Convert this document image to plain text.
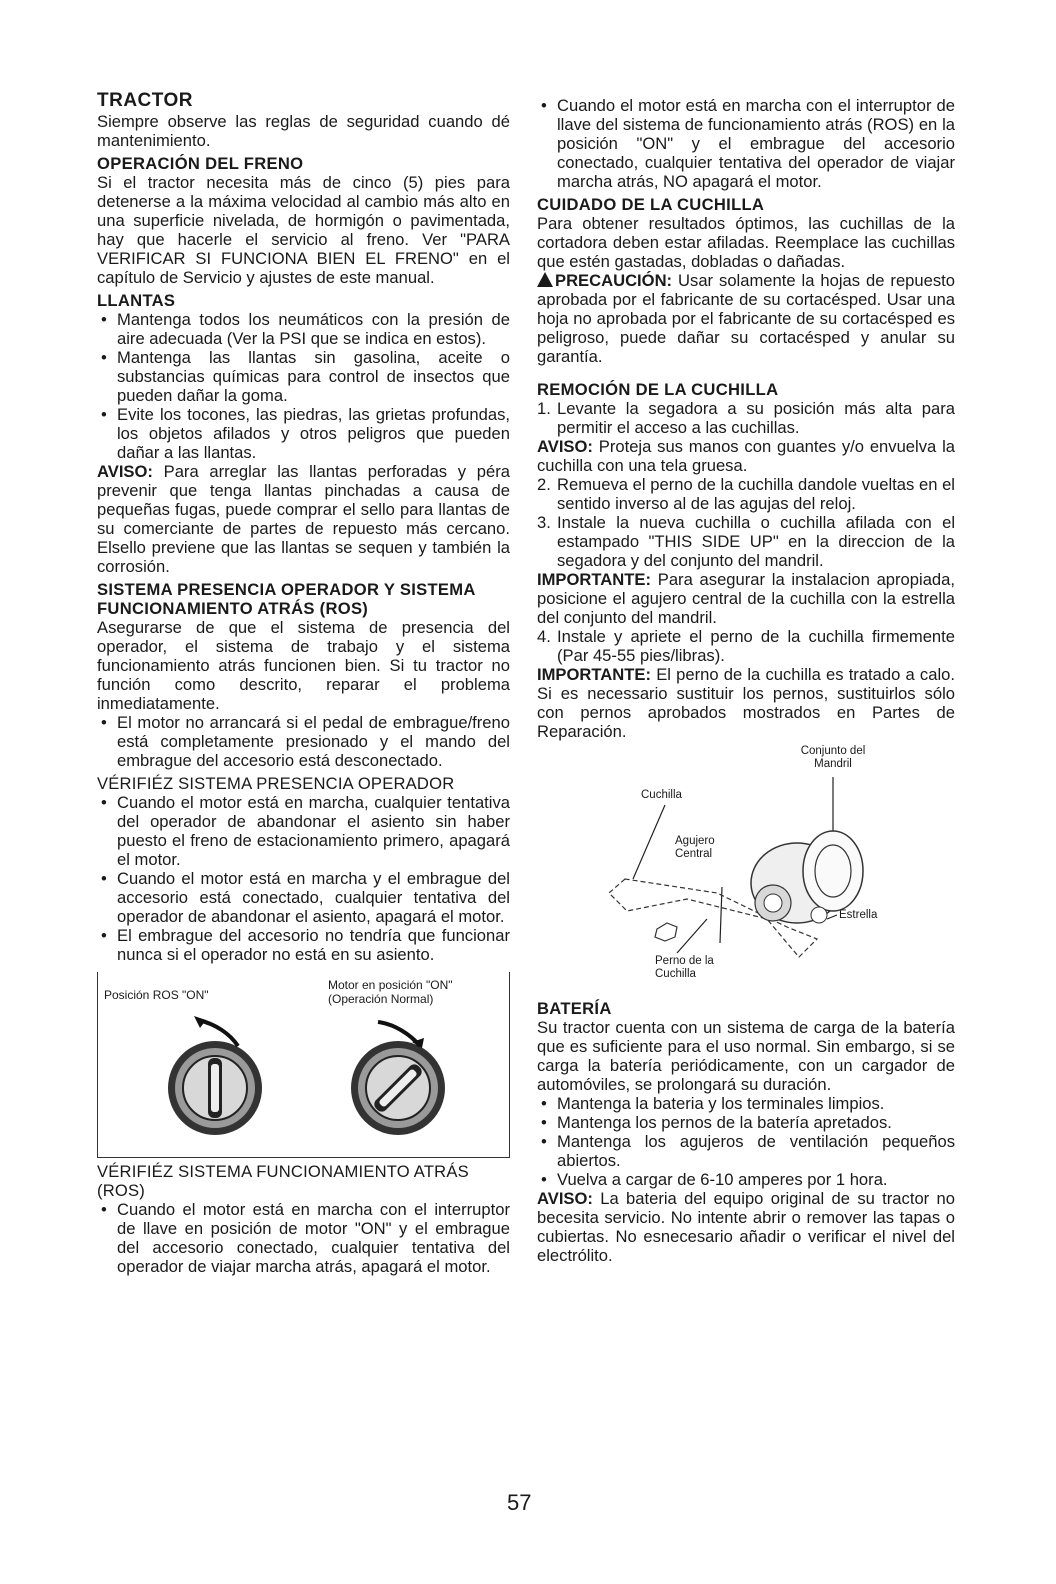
TRACTOR

Siempre observe las reglas de seguridad cuando dé mantenimiento.

OPERACIÓN DEL FRENO

Si el tractor necesita más de cinco (5) pies para detenerse a la máxima velocidad al cambio más alto en una superficie nivelada, de hormigón o pavimentada, hay que hacerle el servicio al freno. Ver "PARA VERIFICAR SI FUNCIONA BIEN EL FRENO" en el capítulo de Servicio y ajustes de este manual.

LLANTAS
• Mantenga todos los neumáticos con la presión de aire adecuada (Ver la PSI que se indica en estos).
• Mantenga las llantas sin gasolina, aceite o substancias químicas para control de insectos que pueden dañar la goma.
• Evite los tocones, las piedras, las grietas profundas, los objetos afilados y otros peligros que pueden dañar a las llantas.

AVISO: Para arreglar las llantas perforadas y péra prevenir que tenga llantas pinchadas a causa de pequeñas fugas, puede comprar el sello para llantas de su comerciante de partes de repuesto más cercano. Elsello previene que las llantas se sequen y también la corrosión.

SISTEMA PRESENCIA OPERADOR Y SISTEMA FUNCIONAMIENTO ATRÁS (ROS)

Asegurarse de que el sistema de presencia del operador, el sistema de trabajo y el sistema funcionamiento atrás funcionen bien. Si tu tractor no función como descrito, reparar el problema inmediatamente.

• El motor no arrancará si el pedal de embrague/freno está completamente presionado y el mando del embrague del accesorio está desconectado.
VÉRIFIÉZ SISTEMA PRESENCIA OPERADOR
• Cuando el motor está en marcha, cualquier tentativa del operador de abandonar el asiento sin haber puesto el freno de estacionamiento primero, apagará el motor.
• Cuando el motor está en marcha y el embrague del accesorio está conectado, cualquier tentativa del operador de abandonar el asiento, apagará el motor.
• El embrague del accesorio no tendría que funcionar nunca si el operador no está en su asiento.
Posición ROS "ON"
Motor en posición "ON" (Operación Normal)
VÉRIFIÉZ SISTEMA FUNCIONAMIENTO ATRÁS (ROS)
• Cuando el motor está en marcha con el interruptor de llave en posición de motor "ON" y el embrague del accesorio conectado, cualquier tentativa del operador de viajar marcha atrás, apagará el motor.
• Cuando el motor está en marcha con el interruptor de llave del sistema de funcionamiento atrás (ROS) en la posición "ON" y el embrague del accesorio conectado, cualquier tentativa del operador de viajar marcha atrás, NO apagará el motor.
CUIDADO DE LA CUCHILLA

Para obtener resultados óptimos, las cuchillas de la cortadora deben estar afiladas. Reemplace las cuchillas que estén gastadas, dobladas o dañadas.

PRECAUCIÓN: Usar solamente la hojas de repuesto aprobada por el fabricante de su cortacésped. Usar una hoja no aprobada por el fabricante de su cortacésped es peligroso, puede dañar su cortacésped y anular su garantía.

REMOCIÓN DE LA CUCHILLA
1. Levante la segadora a su posición más alta para permitir el acceso a las cuchillas.

AVISO: Proteja sus manos con guantes y/o envuelva la cuchilla con una tela gruesa.

2. Remueva el perno de la cuchilla dandole vueltas en el sentido inverso al de las agujas del reloj.
3. Instale la nueva cuchilla o cuchilla afilada con el estampado "THIS SIDE UP" en la direccion de la segadora y del conjunto del mandril.

IMPORTANTE: Para asegurar la instalacion apropiada, posicione el agujero central de la cuchilla con la estrella del conjunto del mandril.

4. Instale y apriete el perno de la cuchilla firmemente (Par 45-55 pies/libras).

IMPORTANTE: El perno de la cuchilla es tratado a calo. Si es necessario sustituir los pernos, sustituirlos sólo con pernos aprobados mostrados en Partes de Reparación.

Conjunto del Mandril
Cuchilla
Agujero Central
Estrella
Perno de la Cuchilla
BATERÍA

Su tractor cuenta con un sistema de carga de la batería que es suficiente para el uso normal. Sin embargo, si se carga la batería periódicamente, con un cargador de automóviles, se prolongará su duración.

• Mantenga la bateria y los terminales limpios.
• Mantenga los pernos de la batería apretados.
• Mantenga los agujeros de ventilación pequeños abiertos.
• Vuelva a cargar de 6-10 amperes por 1 hora.

AVISO: La bateria del equipo original de su tractor no becesita servicio. No intente abrir o remover las tapas o cubiertas. No esnecesario añadir o verificar el nivel del electrólito.

57
